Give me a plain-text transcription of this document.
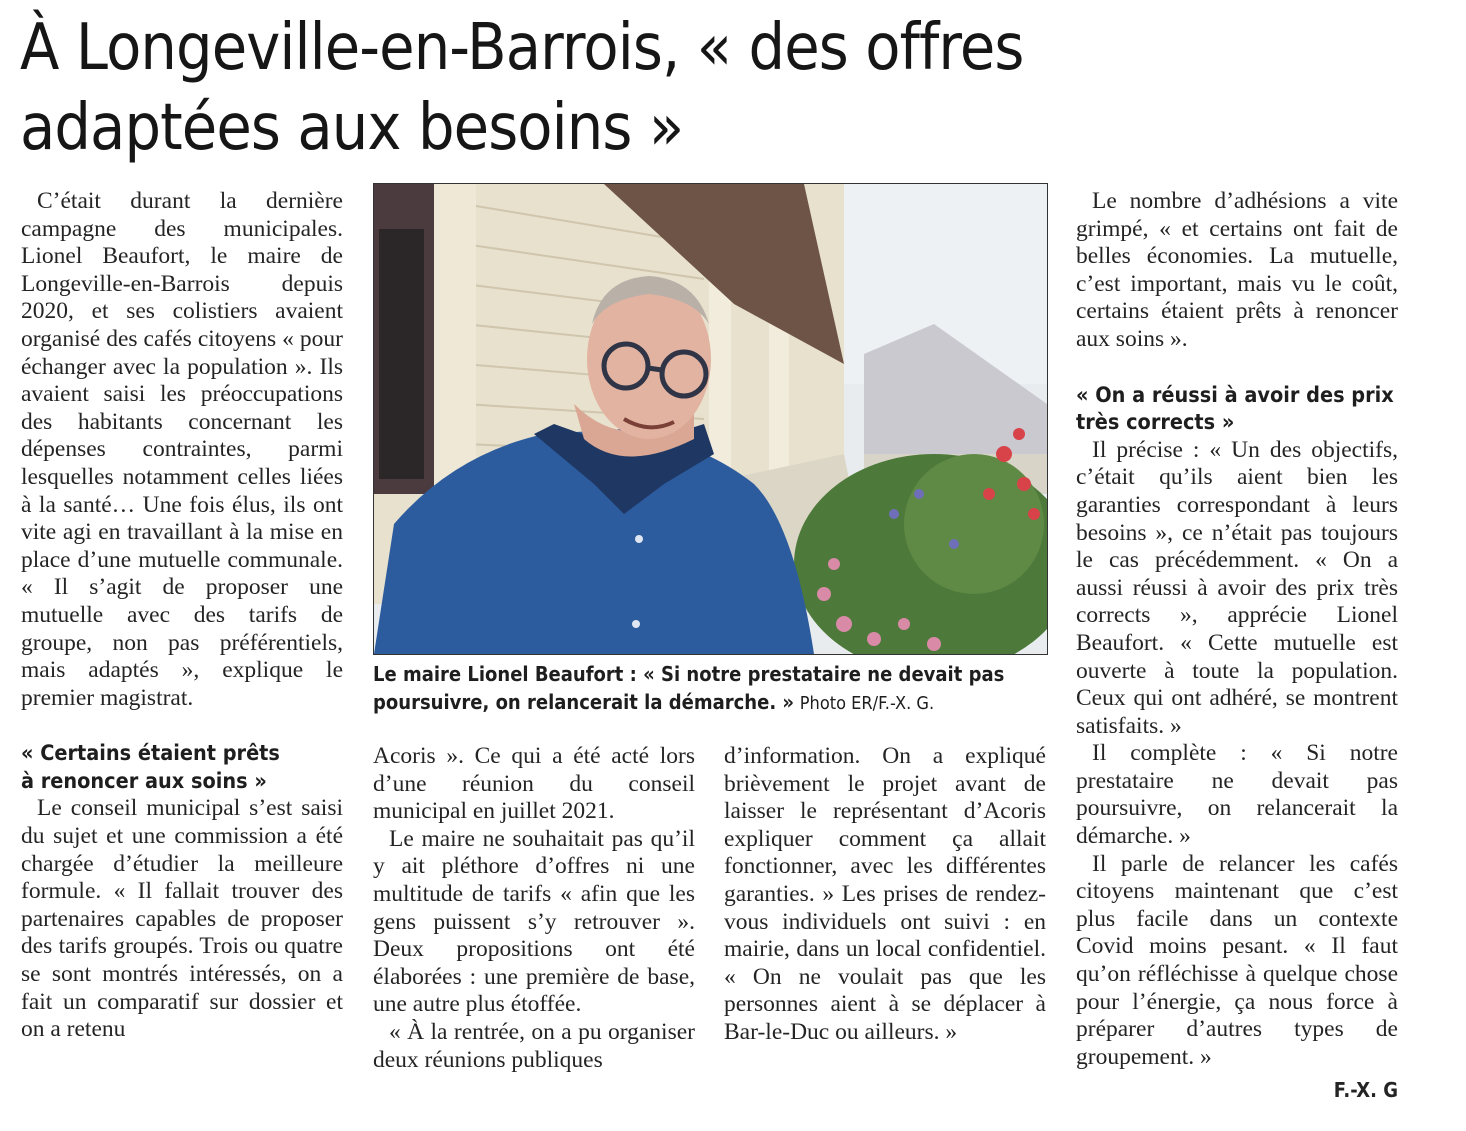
À Longeville-en-Barrois, « des offres
adaptées aux besoins »

C’était durant la dernière campagne des municipales. Lionel Beaufort, le maire de Longeville-en-Barrois depuis 2020, et ses colistiers avaient organisé des cafés citoyens « pour échanger avec la population ». Ils avaient saisi les préoccupations des habitants concernant les dépenses contraintes, parmi lesquelles notamment celles liées à la santé… Une fois élus, ils ont vite agi en travaillant à la mise en place d’une mutuelle communale. « Il s’agit de proposer une mutuelle avec des tarifs de groupe, non pas préférentiels, mais adaptés », explique le premier magistrat.

« Certains étaient prêts
à renoncer aux soins »

Le conseil municipal s’est saisi du sujet et une commission a été chargée d’étudier la meilleure formule. « Il fallait trouver des partenaires capables de proposer des tarifs groupés. Trois ou quatre se sont montrés intéressés, on a fait un comparatif sur dossier et on a retenu

Le maire Lionel Beaufort : « Si notre prestataire ne devait pas poursuivre, on relancerait la démarche. » Photo ER/F.-X. G.

Acoris ». Ce qui a été acté lors d’une réunion du conseil municipal en juillet 2021.

Le maire ne souhaitait pas qu’il y ait pléthore d’offres ni une multitude de tarifs « afin que les gens puissent s’y retrouver ». Deux propositions ont été élaborées : une première de base, une autre plus étoffée.

« À la rentrée, on a pu organiser deux réunions publiques

d’information. On a expliqué brièvement le projet avant de laisser le représentant d’Acoris expliquer comment ça allait fonctionner, avec les différentes garanties. » Les prises de rendez-vous individuels ont suivi : en mairie, dans un local confidentiel. « On ne voulait pas que les personnes aient à se déplacer à Bar-le-Duc ou ailleurs. »

Le nombre d’adhésions a vite grimpé, « et certains ont fait de belles économies. La mutuelle, c’est important, mais vu le coût, certains étaient prêts à renoncer aux soins ».

« On a réussi à avoir des prix
très corrects »

Il précise : « Un des objectifs, c’était qu’ils aient bien les garanties correspondant à leurs besoins », ce n’était pas toujours le cas précédemment. « On a aussi réussi à avoir des prix très corrects », apprécie Lionel Beaufort. « Cette mutuelle est ouverte à toute la population. Ceux qui ont adhéré, se montrent satisfaits. »

Il complète : « Si notre prestataire ne devait pas poursuivre, on relancerait la démarche. »

Il parle de relancer les cafés citoyens maintenant que c’est plus facile dans un contexte Covid moins pesant. « Il faut qu’on réfléchisse à quelque chose pour l’énergie, ça nous force à préparer d’autres types de groupement. »

F.-X. G
